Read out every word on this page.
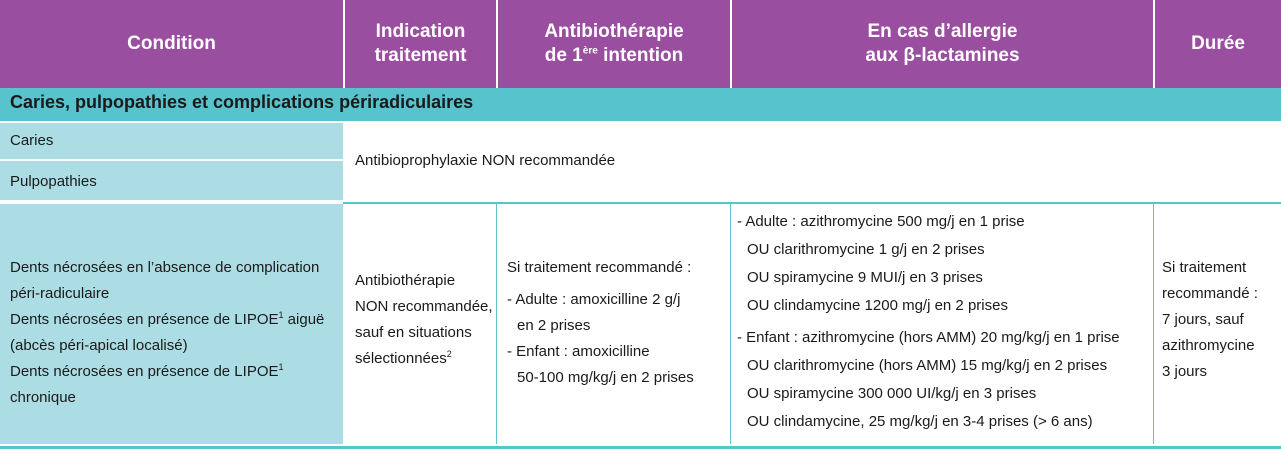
Condition
Indication traitement
Antibiothérapie
de 1ère intention
En cas d’allergie
aux β-lactamines
Durée
Caries, pulpopathies et complications périradiculaires
Caries
Pulpopathies
Dents nécrosées en l’absence de complication
péri-radiculaire
Dents nécrosées en présence de LIPOE$^1$ aiguë
(abcès péri-apical localisé)
Dents nécrosées en présence de LIPOE$^1$ chronique
Antibioprophylaxie NON recommandée
Antibiothérapie
NON recommandée,
sauf en situations
sélectionnées$^2$
Si traitement recommandé :
- Adulte : amoxicilline 2 g/j
en 2 prises
- Enfant : amoxicilline
50-100 mg/kg/j en 2 prises
- Adulte : azithromycine 500 mg/j en 1 prise
OU clarithromycine 1 g/j en 2 prises
OU spiramycine 9 MUI/j en 3 prises
OU clindamycine 1200 mg/j en 2 prises
- Enfant : azithromycine (hors AMM) 20 mg/kg/j en 1 prise
OU clarithromycine (hors AMM) 15 mg/kg/j en 2 prises
OU spiramycine 300 000 UI/kg/j en 3 prises
OU clindamycine, 25 mg/kg/j en 3-4 prises (> 6 ans)
Si traitement
recommandé :
7 jours, sauf
azithromycine
3 jours
